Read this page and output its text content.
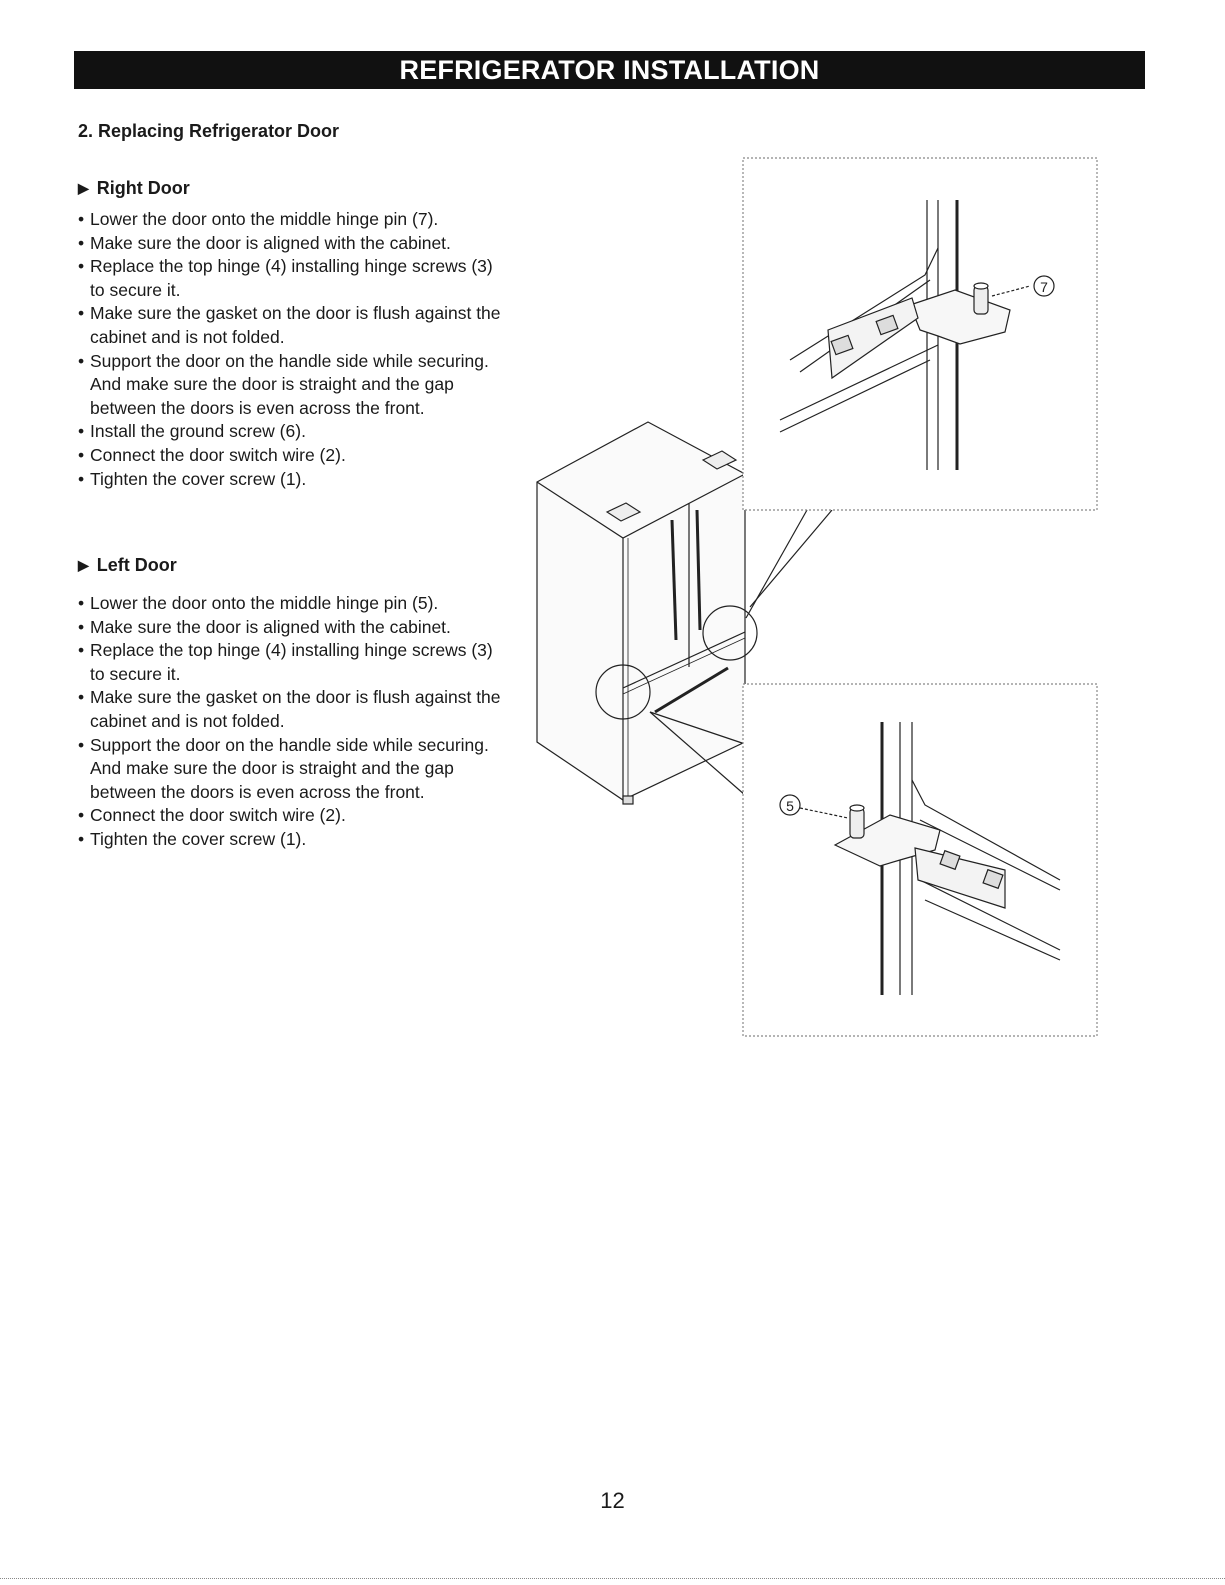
REFRIGERATOR INSTALLATION
2. Replacing Refrigerator Door
▶ Right Door
• Lower the door onto the middle hinge pin (7).
• Make sure the door is aligned with the cabinet.
• Replace the top hinge (4) installing hinge screws (3) to secure it.
• Make sure the gasket on the door is flush against the cabinet and is not folded.
• Support the door on the handle side while securing. And make sure the door is straight and the gap between the doors is even across the front.
• Install the ground screw (6).
• Connect the door switch wire (2).
• Tighten the cover screw (1).
▶ Left Door
• Lower the door onto the middle hinge pin (5).
• Make sure the door is aligned with the cabinet.
• Replace the top hinge (4) installing hinge screws (3) to secure it.
• Make sure the gasket on the door is flush against the cabinet and is not folded.
• Support the door on the handle side while securing. And make sure the door is straight and the gap between the doors is even across the front.
• Connect the door switch wire (2).
• Tighten the cover screw (1).
7
5
12
